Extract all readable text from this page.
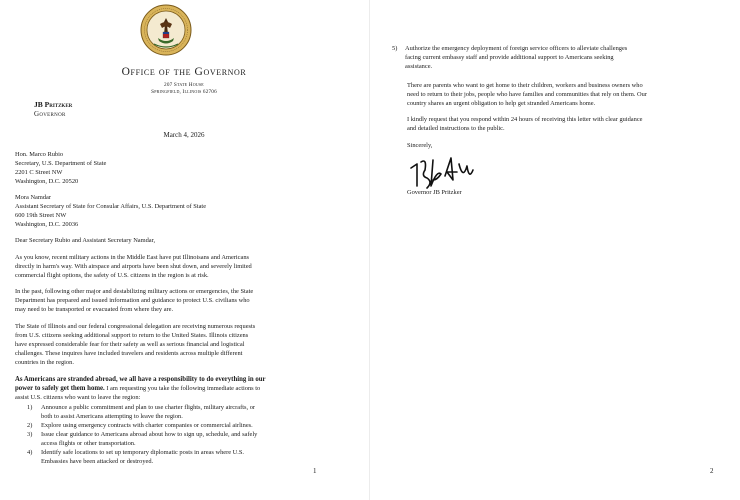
Office of the Governor
207 State House
Springfield, Illinois 62706
JB Pritzker
Governor
March 4, 2026

Hon. Marco Rubio

Secretary, U.S. Department of State

2201 C Street NW

Washington, D.C. 20520

Mora Namdar

Assistant Secretary of State for Consular Affairs, U.S. Department of State

600 19th Street NW

Washington, D.C. 20036

Dear Secretary Rubio and Assistant Secretary Namdar,

As you know, recent military actions in the Middle East have put Illinoisans and Americans

directly in harm's way. With airspace and airports have been shut down, and severely limited

commercial flight options, the safety of U.S. citizens in the region is at risk.

In the past, following other major and destabilizing military actions or emergencies, the State

Department has prepared and issued information and guidance to protect U.S. civilians who

may need to be transported or evacuated from where they are.

The State of Illinois and our federal congressional delegation are receiving numerous requests

from U.S. citizens seeking additional support to return to the United States. Illinois citizens

have expressed considerable fear for their safety as well as serious financial and logistical

challenges. These inquires have included travelers and residents across multiple different

countries in the region.

As Americans are stranded abroad, we all have a responsibility to do everything in our

power to safely get them home. I am requesting you take the following immediate actions to

assist U.S. citizens who want to leave the region:

1) Announce a public commitment and plan to use charter flights, military aircrafts, or
both to assist Americans attempting to leave the region.
2) Explore using emergency contracts with charter companies or commercial airlines.
3) Issue clear guidance to Americans abroad about how to sign up, schedule, and safely
access flights or other transportation.
4) Identify safe locations to set up temporary diplomatic posts in areas where U.S.
Embassies have been attacked or destroyed.
1
5) Authorize the emergency deployment of foreign service officers to alleviate challenges
facing current embassy staff and provide additional support to Americans seeking
assistance.

There are parents who want to get home to their children, workers and business owners who

need to return to their jobs, people who have families and communities that rely on them. Our

country shares an urgent obligation to help get stranded Americans home.

I kindly request that you respond within 24 hours of receiving this letter with clear guidance

and detailed instructions to the public.

Sincerely,

Governor JB Pritzker

2
